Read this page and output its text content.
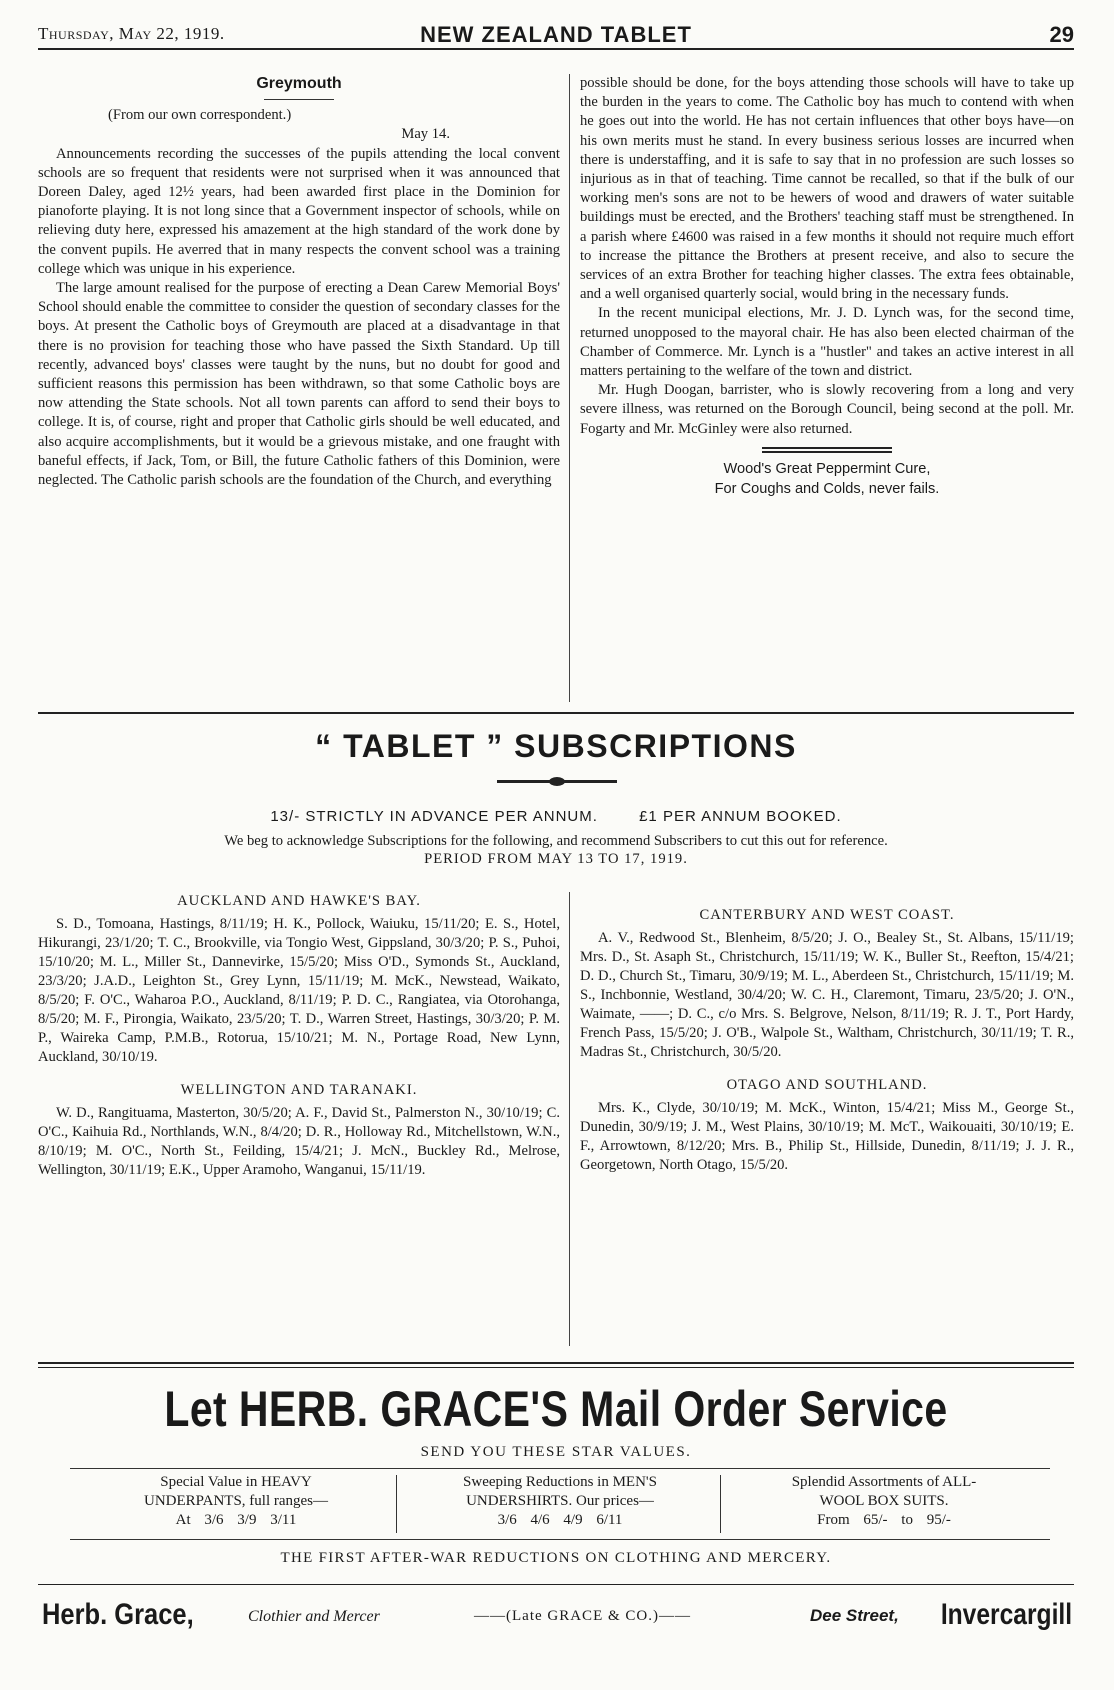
Thursday, May 22, 1919.	NEW ZEALAND TABLET	29
Greymouth

(From our own correspondent.)

May 14.

Announcements recording the successes of the pupils attending the local convent schools are so frequent that residents were not surprised when it was announced that Doreen Daley, aged 12½ years, had been awarded first place in the Dominion for pianoforte playing. It is not long since that a Government inspector of schools, while on relieving duty here, expressed his amazement at the high standard of the work done by the convent pupils. He averred that in many respects the convent school was a training college which was unique in his experience.

The large amount realised for the purpose of erecting a Dean Carew Memorial Boys' School should enable the committee to consider the question of secondary classes for the boys. At present the Catholic boys of Greymouth are placed at a disadvantage in that there is no provision for teaching those who have passed the Sixth Standard. Up till recently, advanced boys' classes were taught by the nuns, but no doubt for good and sufficient reasons this permission has been withdrawn, so that some Catholic boys are now attending the State schools. Not all town parents can afford to send their boys to college. It is, of course, right and proper that Catholic girls should be well educated, and also acquire accomplishments, but it would be a grievous mistake, and one fraught with baneful effects, if Jack, Tom, or Bill, the future Catholic fathers of this Dominion, were neglected. The Catholic parish schools are the foundation of the Church, and everything

possible should be done, for the boys attending those schools will have to take up the burden in the years to come. The Catholic boy has much to contend with when he goes out into the world. He has not certain influences that other boys have—on his own merits must he stand. In every business serious losses are incurred when there is understaffing, and it is safe to say that in no profession are such losses so injurious as in that of teaching. Time cannot be recalled, so that if the bulk of our working men's sons are not to be hewers of wood and drawers of water suitable buildings must be erected, and the Brothers' teaching staff must be strengthened. In a parish where £4600 was raised in a few months it should not require much effort to increase the pittance the Brothers at present receive, and also to secure the services of an extra Brother for teaching higher classes. The extra fees obtainable, and a well organised quarterly social, would bring in the necessary funds.

In the recent municipal elections, Mr. J. D. Lynch was, for the second time, returned unopposed to the mayoral chair. He has also been elected chairman of the Chamber of Commerce. Mr. Lynch is a "hustler" and takes an active interest in all matters pertaining to the welfare of the town and district.

Mr. Hugh Doogan, barrister, who is slowly recovering from a long and very severe illness, was returned on the Borough Council, being second at the poll. Mr. Fogarty and Mr. McGinley were also returned.

Wood's Great Peppermint Cure,
For Coughs and Colds, never fails.
“ TABLET ” SUBSCRIPTIONS
13/- STRICTLY IN ADVANCE PER ANNUM.	£1 PER ANNUM BOOKED.
We beg to acknowledge Subscriptions for the following, and recommend Subscribers to cut this out for reference.
PERIOD FROM MAY 13 TO 17, 1919.
AUCKLAND AND HAWKE'S BAY.

S. D., Tomoana, Hastings, 8/11/19; H. K., Pollock, Waiuku, 15/11/20; E. S., Hotel, Hikurangi, 23/1/20; T. C., Brookville, via Tongio West, Gippsland, 30/3/20; P. S., Puhoi, 15/10/20; M. L., Miller St., Dannevirke, 15/5/20; Miss O'D., Symonds St., Auckland, 23/3/20; J.A.D., Leighton St., Grey Lynn, 15/11/19; M. McK., Newstead, Waikato, 8/5/20; F. O'C., Waharoa P.O., Auckland, 8/11/19; P. D. C., Rangiatea, via Otorohanga, 8/5/20; M. F., Pirongia, Waikato, 23/5/20; T. D., Warren Street, Hastings, 30/3/20; P. M. P., Waireka Camp, P.M.B., Rotorua, 15/10/21; M. N., Portage Road, New Lynn, Auckland, 30/10/19.

WELLINGTON AND TARANAKI.

W. D., Rangituama, Masterton, 30/5/20; A. F., David St., Palmerston N., 30/10/19; C. O'C., Kaihuia Rd., Northlands, W.N., 8/4/20; D. R., Holloway Rd., Mitchellstown, W.N., 8/10/19; M. O'C., North St., Feilding, 15/4/21; J. McN., Buckley Rd., Melrose, Wellington, 30/11/19; E.K., Upper Aramoho, Wanganui, 15/11/19.

CANTERBURY AND WEST COAST.

A. V., Redwood St., Blenheim, 8/5/20; J. O., Bealey St., St. Albans, 15/11/19; Mrs. D., St. Asaph St., Christchurch, 15/11/19; W. K., Buller St., Reefton, 15/4/21; D. D., Church St., Timaru, 30/9/19; M. L., Aberdeen St., Christchurch, 15/11/19; M. S., Inchbonnie, Westland, 30/4/20; W. C. H., Claremont, Timaru, 23/5/20; J. O'N., Waimate, ——; D. C., c/o Mrs. S. Belgrove, Nelson, 8/11/19; R. J. T., Port Hardy, French Pass, 15/5/20; J. O'B., Walpole St., Waltham, Christchurch, 30/11/19; T. R., Madras St., Christchurch, 30/5/20.

OTAGO AND SOUTHLAND.

Mrs. K., Clyde, 30/10/19; M. McK., Winton, 15/4/21; Miss M., George St., Dunedin, 30/9/19; J. M., West Plains, 30/10/19; M. McT., Waikouaiti, 30/10/19; E. F., Arrowtown, 8/12/20; Mrs. B., Philip St., Hillside, Dunedin, 8/11/19; J. J. R., Georgetown, North Otago, 15/5/20.

Let HERB. GRACE'S Mail Order Service
SEND YOU THESE STAR VALUES.
Special Value in HEAVY
UNDERPANTS, full ranges—
At 3/6 3/9 3/11
Sweeping Reductions in MEN'S
UNDERSHIRTS. Our prices—
3/6 4/6 4/9 6/11
Splendid Assortments of ALL-
WOOL BOX SUITS.
From 65/- to 95/-
THE FIRST AFTER-WAR REDUCTIONS ON CLOTHING AND MERCERY.
Herb. Grace,	Clothier and Mercer	——(Late GRACE & CO.)——	Dee Street, Invercargill
